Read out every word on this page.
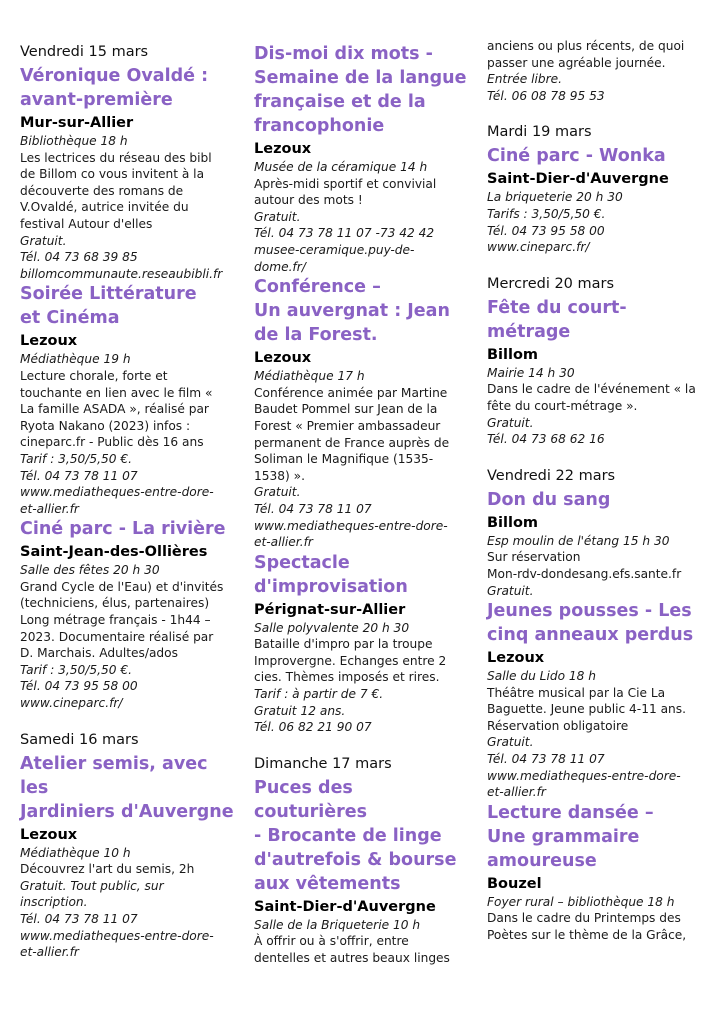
Vendredi 15 mars
Véronique Ovaldé :
avant-première
Mur-sur-Allier
Bibliothèque 18 h
Les lectrices du réseau des bibl
de Billom co vous invitent à la
découverte des romans de
V.Ovaldé, autrice invitée du
festival Autour d'elles
Gratuit.
Tél. 04 73 68 39 85
billomcommunaute.reseaubibli.fr
Soirée Littérature
et Cinéma
Lezoux
Médiathèque 19 h
Lecture chorale, forte et
touchante en lien avec le film «
La famille ASADA », réalisé par
Ryota Nakano (2023) infos :
cineparc.fr - Public dès 16 ans
Tarif : 3,50/5,50 €.
Tél. 04 73 78 11 07
www.mediatheques-entre-dore-
et-allier.fr
Ciné parc - La rivière
Saint-Jean-des-Ollières
Salle des fêtes 20 h 30
Grand Cycle de l'Eau) et d'invités
(techniciens, élus, partenaires)
Long métrage français - 1h44 –
2023. Documentaire réalisé par
D. Marchais. Adultes/ados
Tarif : 3,50/5,50 €.
Tél. 04 73 95 58 00
www.cineparc.fr/
Samedi 16 mars
Atelier semis, avec les
Jardiniers d'Auvergne
Lezoux
Médiathèque 10 h
Découvrez l'art du semis, 2h
Gratuit. Tout public, sur
inscription.
Tél. 04 73 78 11 07
www.mediatheques-entre-dore-
et-allier.fr
Dis-moi dix mots -
Semaine de la langue
française et de la
francophonie
Lezoux
Musée de la céramique 14 h
Après-midi sportif et convivial
autour des mots !
Gratuit.
Tél. 04 73 78 11 07 -73 42 42
musee-ceramique.puy-de-
dome.fr/
Conférence –
Un auvergnat : Jean
de la Forest.
Lezoux
Médiathèque 17 h
Conférence animée par Martine
Baudet Pommel sur Jean de la
Forest « Premier ambassadeur
permanent de France auprès de
Soliman le Magnifique (1535-
1538) ».
Gratuit.
Tél. 04 73 78 11 07
www.mediatheques-entre-dore-
et-allier.fr
Spectacle
d'improvisation
Pérignat-sur-Allier
Salle polyvalente 20 h 30
Bataille d'impro par la troupe
Improvergne. Echanges entre 2
cies. Thèmes imposés et rires.
Tarif : à partir de 7 €.
Gratuit 12 ans.
Tél. 06 82 21 90 07
Dimanche 17 mars
Puces des couturières
- Brocante de linge
d'autrefois & bourse
aux vêtements
Saint-Dier-d'Auvergne
Salle de la Briqueterie 10 h
À offrir ou à s'offrir, entre
dentelles et autres beaux linges
anciens ou plus récents, de quoi
passer une agréable journée.
Entrée libre.
Tél. 06 08 78 95 53
Mardi 19 mars
Ciné parc - Wonka
Saint-Dier-d'Auvergne
La briqueterie 20 h 30
Tarifs : 3,50/5,50 €.
Tél. 04 73 95 58 00
www.cineparc.fr/
Mercredi 20 mars
Fête du court-
métrage
Billom
Mairie 14 h 30
Dans le cadre de l'événement « la
fête du court-métrage ».
Gratuit.
Tél. 04 73 68 62 16
Vendredi 22 mars
Don du sang
Billom
Esp moulin de l'étang 15 h 30
Sur réservation
Mon-rdv-dondesang.efs.sante.fr
Gratuit.
Jeunes pousses - Les
cinq anneaux perdus
Lezoux
Salle du Lido 18 h
Théâtre musical par la Cie La
Baguette. Jeune public 4-11 ans.
Réservation obligatoire
Gratuit.
Tél. 04 73 78 11 07
www.mediatheques-entre-dore-
et-allier.fr
Lecture dansée –
Une grammaire
amoureuse
Bouzel
Foyer rural – bibliothèque 18 h
Dans le cadre du Printemps des
Poètes sur le thème de la Grâce,
